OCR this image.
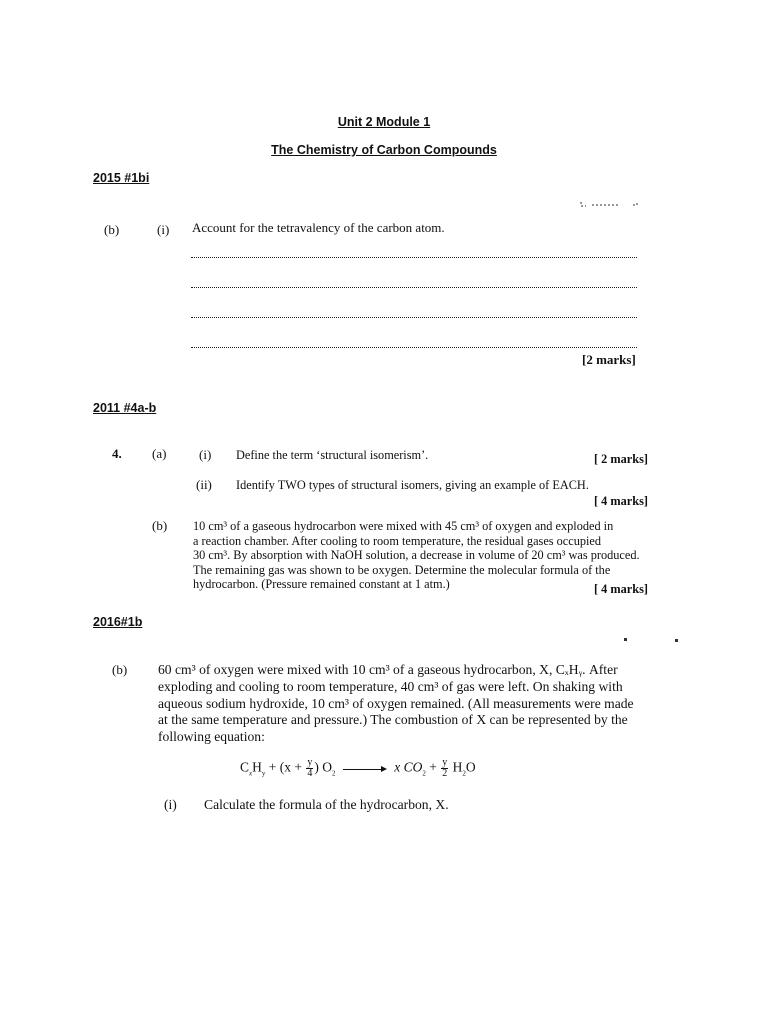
Unit 2 Module 1
The Chemistry of Carbon Compounds
2015 #1bi
(b)	(i) Account for the tetravalency of the carbon atom.
[2 marks]
2011 #4a-b
4. (a)	(i) Define the term ‘structural isomerism’.	[ 2 marks]
(ii) Identify TWO types of structural isomers, giving an example of EACH.
[ 4 marks]
(b) 10 cm³ of a gaseous hydrocarbon were mixed with 45 cm³ of oxygen and exploded in
a reaction chamber. After cooling to room temperature, the residual gases occupied
30 cm³. By absorption with NaOH solution, a decrease in volume of 20 cm³ was produced.
The remaining gas was shown to be oxygen. Determine the molecular formula of the
hydrocarbon. (Pressure remained constant at 1 atm.)	[ 4 marks]
2016#1b
(b) 60 cm³ of oxygen were mixed with 10 cm³ of a gaseous hydrocarbon, X, CₓHᵧ. After
exploding and cooling to room temperature, 40 cm³ of gas were left. On shaking with
aqueous sodium hydroxide, 10 cm³ of oxygen remained. (All measurements were made
at the same temperature and pressure.) The combustion of X can be represented by the
following equation:
$C_xH_y + (x + \frac{y}{4}$ ) $O_2$	x $CO_2 + \frac{y}{2} H_2O$
(i) Calculate the formula of the hydrocarbon, X.
